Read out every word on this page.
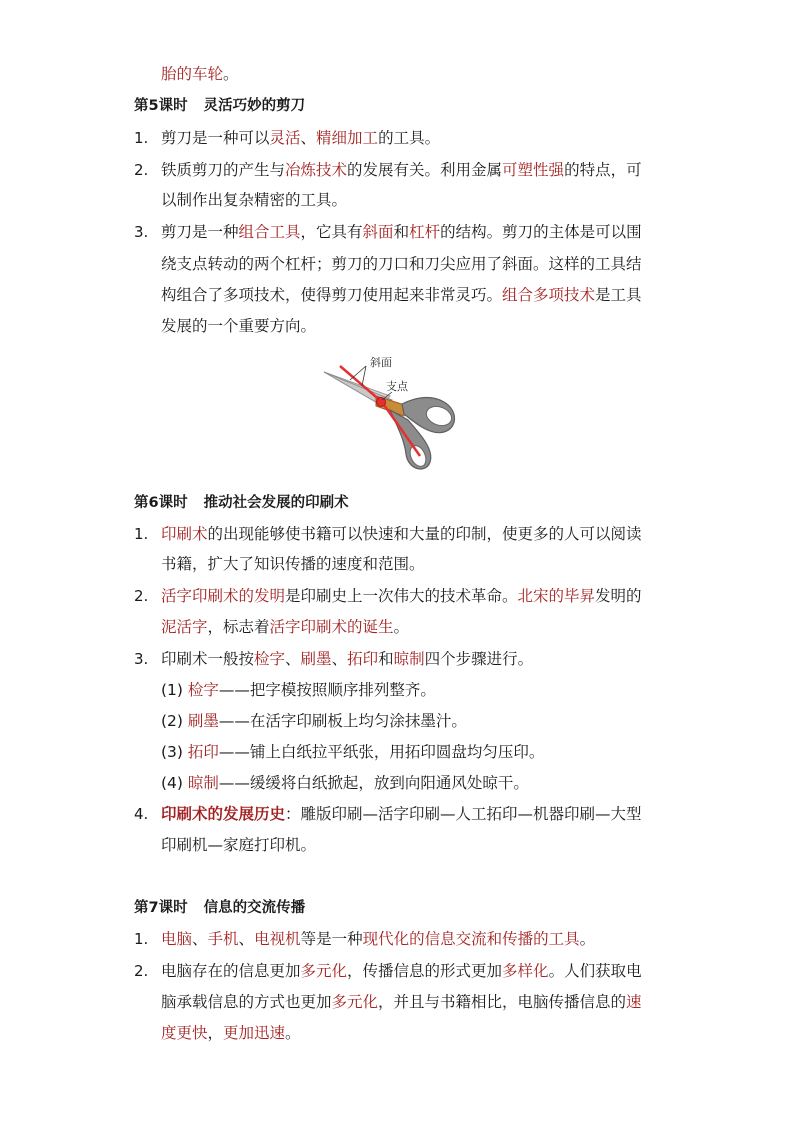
胎的车轮。
第5课时 灵活巧妙的剪刀
1. 剪刀是一种可以灵活、精细加工的工具。
2. 铁质剪刀的产生与冶炼技术的发展有关。利用金属可塑性强的特点，可
以制作出复杂精密的工具。
3. 剪刀是一种组合工具，它具有斜面和杠杆的结构。剪刀的主体是可以围
绕支点转动的两个杠杆；剪刀的刀口和刀尖应用了斜面。这样的工具结
构组合了多项技术，使得剪刀使用起来非常灵巧。组合多项技术是工具
发展的一个重要方向。
斜面
支点
第6课时 推动社会发展的印刷术
1. 印刷术的出现能够使书籍可以快速和大量的印制，使更多的人可以阅读
书籍，扩大了知识传播的速度和范围。
2. 活字印刷术的发明是印刷史上一次伟大的技术革命。北宋的毕昇发明的
泥活字，标志着活字印刷术的诞生。
3. 印刷术一般按检字、刷墨、拓印和晾制四个步骤进行。
(1) 检字——把字模按照顺序排列整齐。
(2) 刷墨——在活字印刷板上均匀涂抹墨汁。
(3) 拓印——铺上白纸拉平纸张，用拓印圆盘均匀压印。
(4) 晾制——缓缓将白纸掀起，放到向阳通风处晾干。
4. 印刷术的发展历史：雕版印刷—活字印刷—人工拓印—机器印刷—大型
印刷机—家庭打印机。
第7课时 信息的交流传播
1. 电脑、手机、电视机等是一种现代化的信息交流和传播的工具。
2. 电脑存在的信息更加多元化，传播信息的形式更加多样化。人们获取电
脑承载信息的方式也更加多元化，并且与书籍相比，电脑传播信息的速
度更快，更加迅速。
